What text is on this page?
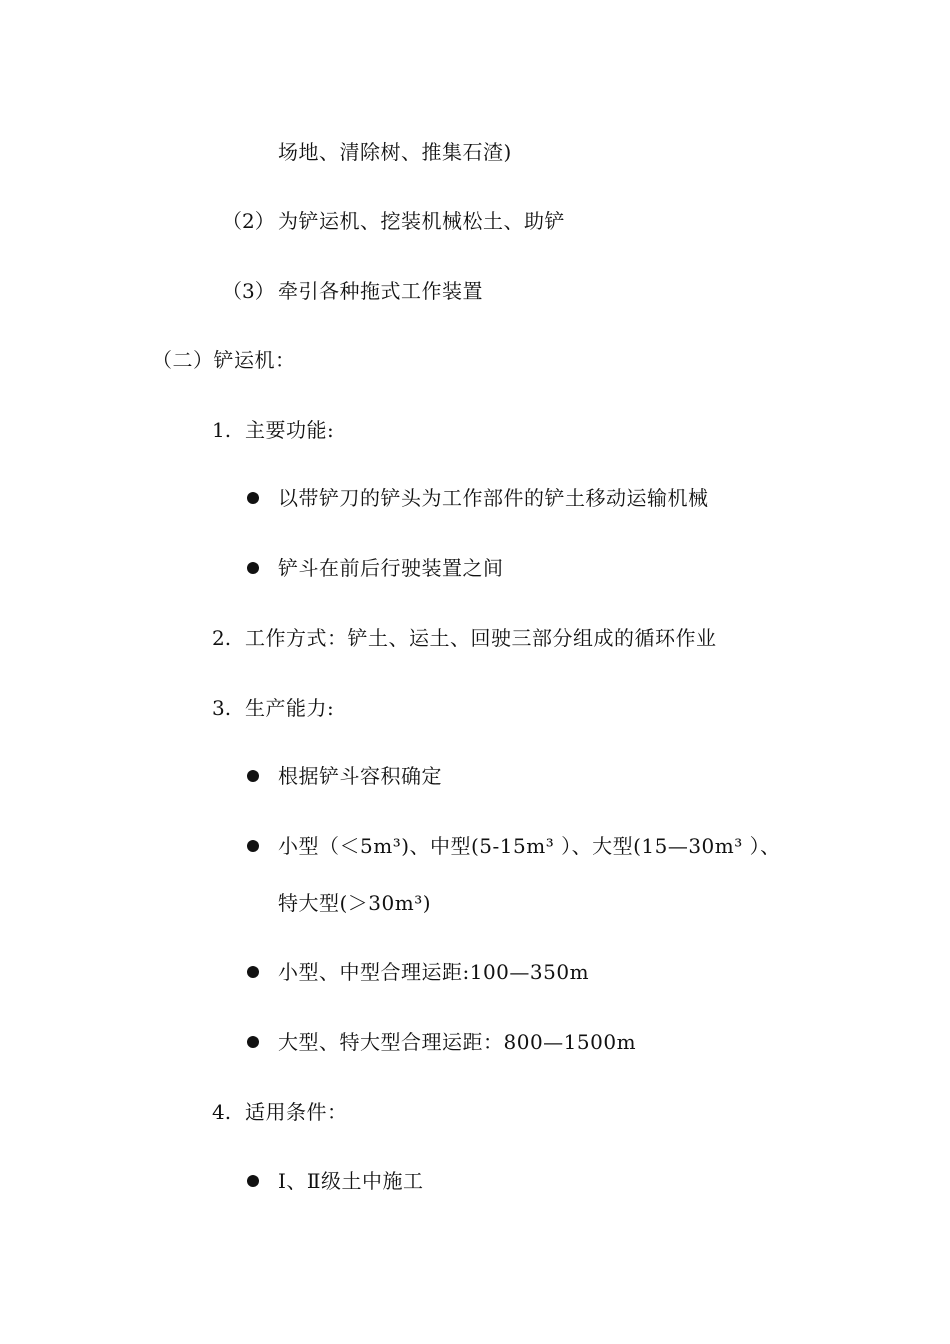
场地、清除树、推集石渣)
（2） 为铲运机、挖装机械松土、助铲
（3） 牵引各种拖式工作装置
（二）铲运机：
1. 主要功能:
以带铲刀的铲头为工作部件的铲土移动运输机械
铲斗在前后行驶装置之间
2. 工作方式：铲土、运土、回驶三部分组成的循环作业
3. 生产能力:
根据铲斗容积确定
小型（＜5m³)、中型(5-15m³ ）、大型(15—30m³ ）、
特大型(＞30m³)
小型、中型合理运距:100—350m
大型、特大型合理运距：800—1500m
4. 适用条件：
Ⅰ、Ⅱ级土中施工
